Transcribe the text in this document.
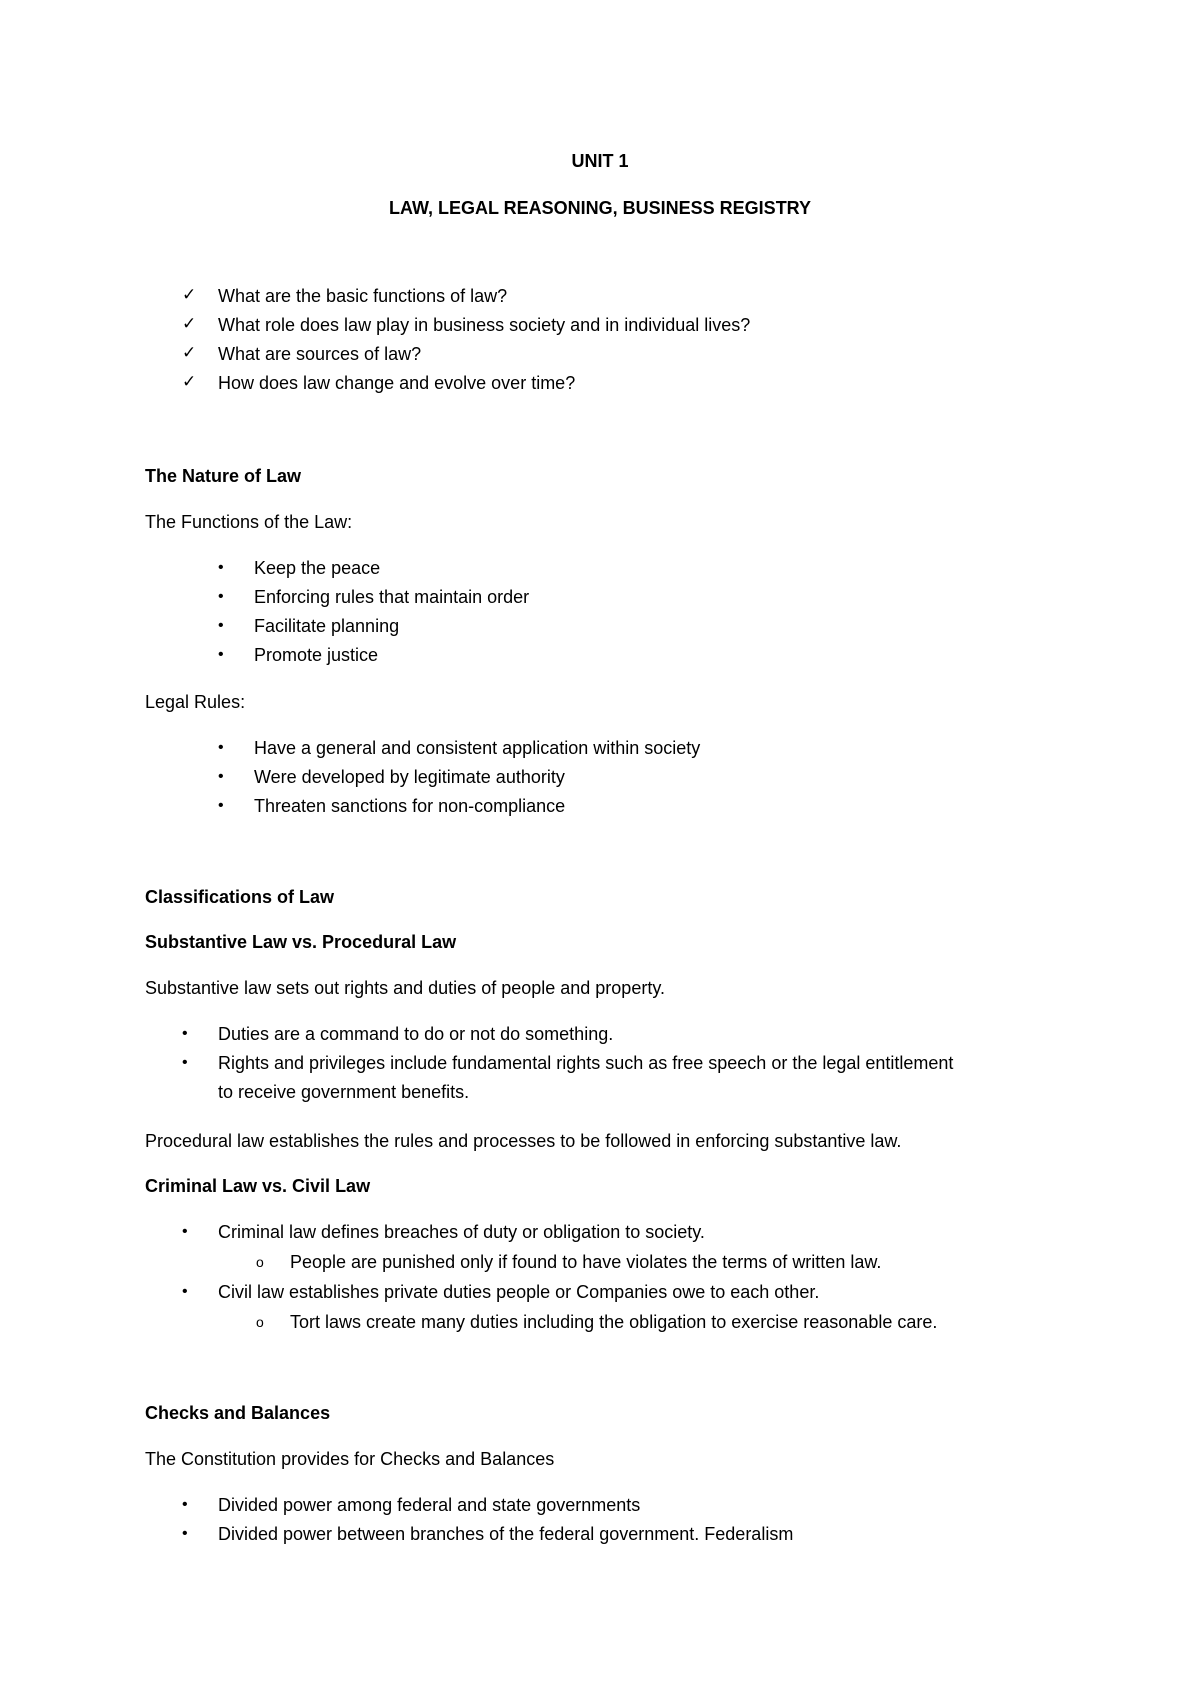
UNIT 1
LAW, LEGAL REASONING, BUSINESS REGISTRY
✓ What are the basic functions of law?
✓ What role does law play in business society and in individual lives?
✓ What are sources of law?
✓ How does law change and evolve over time?
The Nature of Law
The Functions of the Law:
• Keep the peace
• Enforcing rules that maintain order
• Facilitate planning
• Promote justice
Legal Rules:
• Have a general and consistent application within society
• Were developed by legitimate authority
• Threaten sanctions for non-compliance
Classifications of Law
Substantive Law vs. Procedural Law
Substantive law sets out rights and duties of people and property.
• Duties are a command to do or not do something.
• Rights and privileges include fundamental rights such as free speech or the legal entitlement
to receive government benefits.
Procedural law establishes the rules and processes to be followed in enforcing substantive law.
Criminal Law vs. Civil Law
• Criminal law defines breaches of duty or obligation to society.
o People are punished only if found to have violates the terms of written law.
• Civil law establishes private duties people or Companies owe to each other.
o Tort laws create many duties including the obligation to exercise reasonable care.
Checks and Balances
The Constitution provides for Checks and Balances
• Divided power among federal and state governments
• Divided power between branches of the federal government. Federalism
